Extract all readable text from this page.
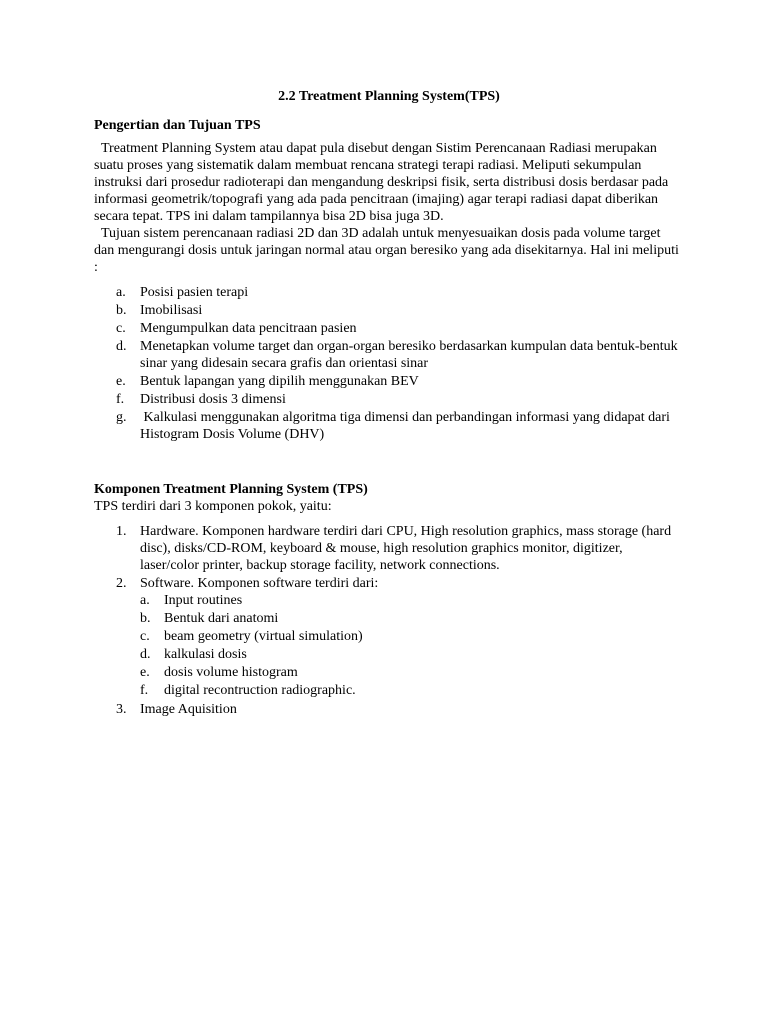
2.2 Treatment Planning System(TPS)

Pengertian dan Tujuan TPS

Treatment Planning System atau dapat pula disebut dengan Sistim Perencanaan Radiasi merupakan suatu proses yang sistematik dalam membuat rencana strategi terapi radiasi. Meliputi sekumpulan instruksi dari prosedur radioterapi dan mengandung deskripsi fisik, serta distribusi dosis berdasar pada informasi geometrik/topografi yang ada pada pencitraan (imajing) agar terapi radiasi dapat diberikan secara tepat. TPS ini dalam tampilannya bisa 2D bisa juga 3D.

Tujuan sistem perencanaan radiasi 2D dan 3D adalah untuk menyesuaikan dosis pada volume target dan mengurangi dosis untuk jaringan normal atau organ beresiko yang ada disekitarnya. Hal ini meliputi :

a. Posisi pasien terapi
b. Imobilisasi
c. Mengumpulkan data pencitraan pasien
d. Menetapkan volume target dan organ-organ beresiko berdasarkan kumpulan data bentuk-bentuk sinar yang didesain secara grafis dan orientasi sinar
e. Bentuk lapangan yang dipilih menggunakan BEV
f. Distribusi dosis 3 dimensi
g. Kalkulasi menggunakan algoritma tiga dimensi dan perbandingan informasi yang didapat dari Histogram Dosis Volume (DHV)

Komponen Treatment Planning System (TPS)

TPS terdiri dari 3 komponen pokok, yaitu:

1. Hardware. Komponen hardware terdiri dari CPU, High resolution graphics, mass storage (hard disc), disks/CD-ROM, keyboard & mouse, high resolution graphics monitor, digitizer, laser/color printer, backup storage facility, network connections.
2. Software. Komponen software terdiri dari:
a. Input routines
b. Bentuk dari anatomi
c. beam geometry (virtual simulation)
d. kalkulasi dosis
e. dosis volume histogram
f. digital recontruction radiographic.
3. Image Aquisition
